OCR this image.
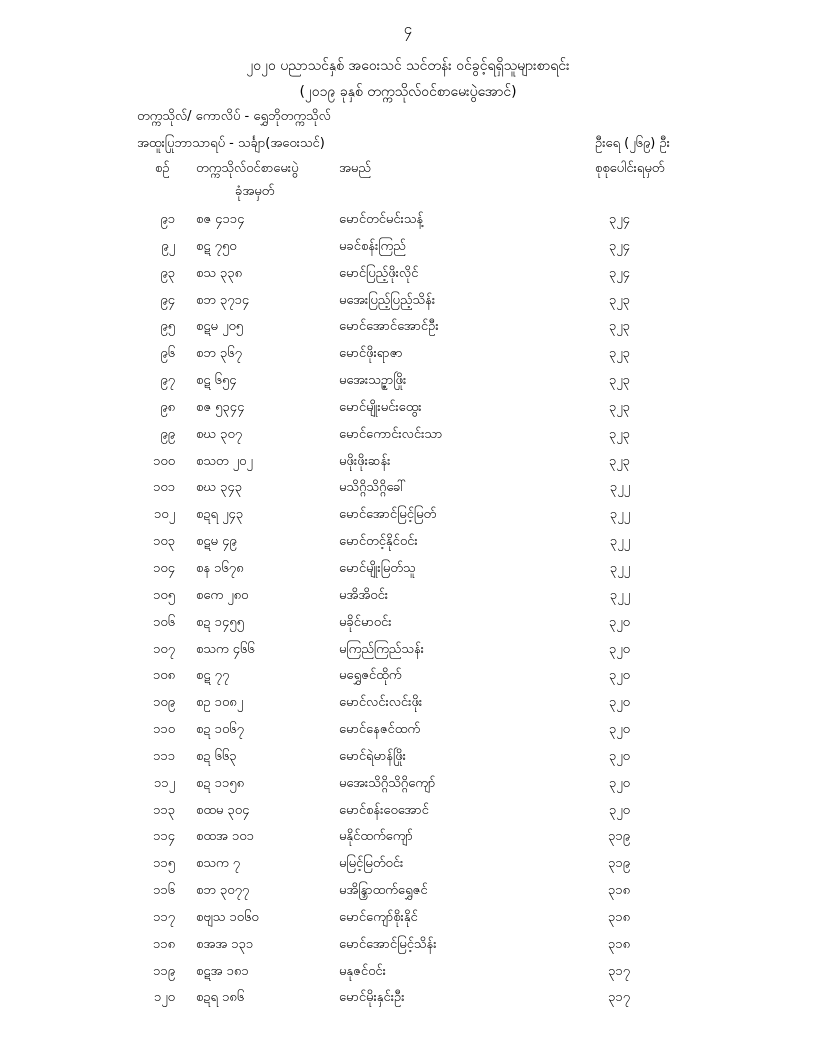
၄
၂၀၂၀ ပညာသင်နှစ် အဝေးသင် သင်တန်း ဝင်ခွင့်ရရှိသူများစာရင်း
(၂၀၁၉ ခုနှစ် တက္ကသိုလ်ဝင်စာမေးပွဲအောင်)
တက္ကသိုလ်/ ကောလိပ် - ရွှေဘိုတက္ကသိုလ်
အထူးပြုဘာသာရပ် - သင်္ချာ(အဝေးသင်)	ဦးရေ (၂၆၉) ဦး
စဉ် တက္ကသိုလ်ဝင်စာမေးပွဲ
ခုံအမှတ်
အမည်	စုစုပေါင်းရမှတ်
၉၁ စဇ ၄၁၁၄	မောင်တင်မင်းသန့်	၃၂၄
၉၂ စဋ ၇၅၀	မခင်စန်းကြည်	၃၂၄
၉၃ စသ ၃၃၈	မောင်ပြည့်ဖိုးလိုင်	၃၂၄
၉၄ စဘ ၃၇၁၄	မအေးပြည့်ပြည့်သိန်း	၃၂၃
၉၅ စဋမ ၂၀၅	မောင်အောင်အောင်ဦး	၃၂၃
၉၆ စဘ ၃၆၇	မောင်ဖိုးရာဇာ	၃၂၃
၉၇ စဋ ၆၅၄	မအေးသဉ္ဇာဖြိုး	၃၂၃
၉၈ စဇ ၅၃၄၄	မောင်မျိုးမင်းထွေး	၃၂၃
၉၉ စဃ ၃၀၇	မောင်ကောင်းလင်းသာ	၃၂၃
၁၀၀ စသတ ၂၀၂	မဖိုးဖိုးဆန်း	၃၂၃
၁၀၁ စဃ ၃၄၃	မသိဂ္ဂိသိဂ္ဂိခေါ်	၃၂၂
၁၀၂ စဍရ ၂၄၃	မောင်အောင်မြင့်မြတ်	၃၂၂
၁၀၃ စဋမ ၄၉	မောင်တင့်နိုင်ဝင်း	၃၂၂
၁၀၄ စန ၁၆၇၈	မောင်မျိုးမြတ်သူ	၃၂၂
၁၀၅ စကေ ၂၈၀	မအိအိဝင်း	၃၂၂
၁၀၆ စဍ ၁၄၅၅	မခိုင်မာဝင်း	၃၂၀
၁၀၇ စသက ၄၆၆	မကြည်ကြည်သန်း	၃၂၀
၁၀၈ စဋ ၇၇	မရွှေဇင်ထိုက်	၃၂၀
၁၀၉ စဥ ၁၀၈၂	မောင်လင်းလင်းဖိုး	၃၂၀
၁၁၀ စဍ ၁၀၆၇	မောင်နေဇင်ထက်	၃၂၀
၁၁၁ စဍ ၆၆၃	မောင်ရဲမာန်ဖြိုး	၃၂၀
၁၁၂ စဍ ၁၁၅၈	မအေးသိဂ္ဂိသိဂ္ဂိကျော်	၃၂၀
၁၁၃ စထမ ၃၀၄	မောင်စန်းဝေအောင်	၃၂၀
၁၁၄ စထအ ၁၀၁	မနိုင်ထက်ကျော်	၃၁၉
၁၁၅ စသက ၇	မမြင့်မြတ်ဝင်း	၃၁၉
၁၁၆ စဘ ၃၀၇၇	မအိန္ဒြာထက်ရွှေဇင်	၃၁၈
၁၁၇ စဗျသ ၁၀၆၀	မောင်ကျော်စိုးနိုင်	၃၁၈
၁၁၈ စအအ ၁၃၁	မောင်အောင်မြင့်သိန်း	၃၁၈
၁၁၉ စဋအ ၁၈၁	မနုဇင်ဝင်း	၃၁၇
၁၂၀ စဍရ ၁၈၆	မောင်မိုးနှင်းဦး	၃၁၇
